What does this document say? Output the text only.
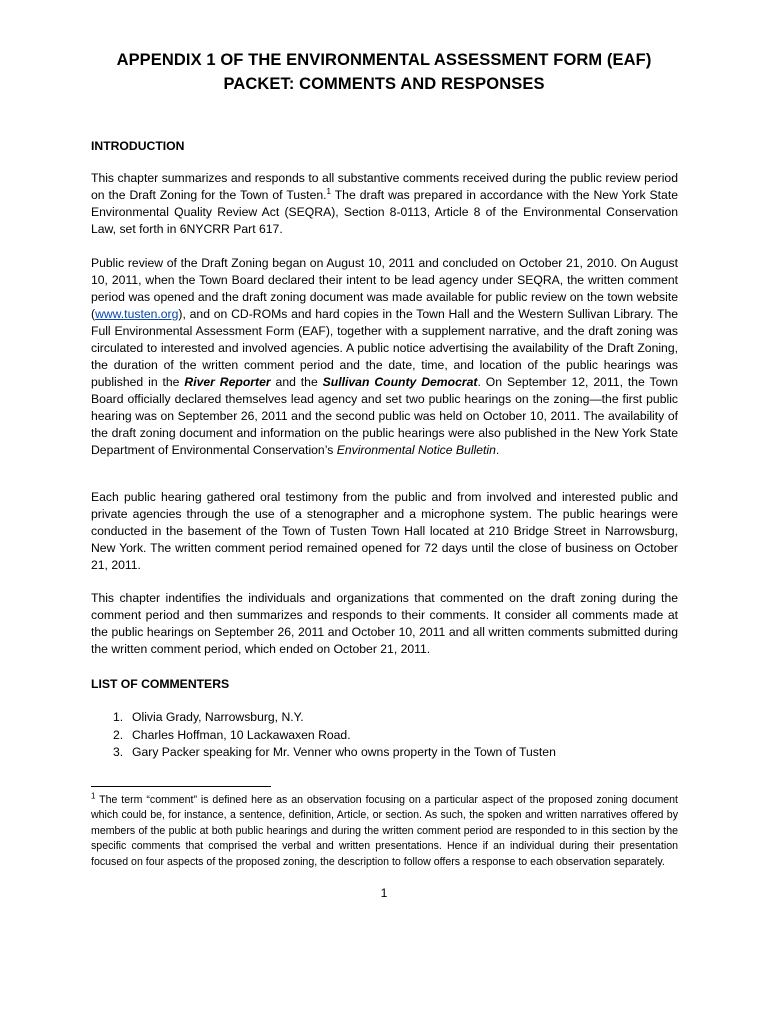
APPENDIX 1 OF THE ENVIRONMENTAL ASSESSMENT FORM (EAF)
PACKET: COMMENTS AND RESPONSES
INTRODUCTION

This chapter summarizes and responds to all substantive comments received during the public review period on the Draft Zoning for the Town of Tusten.$^1$ The draft was prepared in accordance with the New York State Environmental Quality Review Act (SEQRA), Section 8-0113, Article 8 of the Environmental Conservation Law, set forth in 6NYCRR Part 617.

Public review of the Draft Zoning began on August 10, 2011 and concluded on October 21, 2010. On August 10, 2011, when the Town Board declared their intent to be lead agency under SEQRA, the written comment period was opened and the draft zoning document was made available for public review on the town website (www.tusten.org), and on CD-ROMs and hard copies in the Town Hall and the Western Sullivan Library. The Full Environmental Assessment Form (EAF), together with a supplement narrative, and the draft zoning was circulated to interested and involved agencies. A public notice advertising the availability of the Draft Zoning, the duration of the written comment period and the date, time, and location of the public hearings was published in the River Reporter and the Sullivan County Democrat. On September 12, 2011, the Town Board officially declared themselves lead agency and set two public hearings on the zoning—the first public hearing was on September 26, 2011 and the second public was held on October 10, 2011. The availability of the draft zoning document and information on the public hearings were also published in the New York State Department of Environmental Conservation’s Environmental Notice Bulletin.

Each public hearing gathered oral testimony from the public and from involved and interested public and private agencies through the use of a stenographer and a microphone system. The public hearings were conducted in the basement of the Town of Tusten Town Hall located at 210 Bridge Street in Narrowsburg, New York. The written comment period remained opened for 72 days until the close of business on October 21, 2011.

This chapter indentifies the individuals and organizations that commented on the draft zoning during the comment period and then summarizes and responds to their comments. It consider all comments made at the public hearings on September 26, 2011 and October 10, 2011 and all written comments submitted during the written comment period, which ended on October 21, 2011.

LIST OF COMMENTERS
1. Olivia Grady, Narrowsburg, N.Y.
2. Charles Hoffman, 10 Lackawaxen Road.
3. Gary Packer speaking for Mr. Venner who owns property in the Town of Tusten

$^1$ The term “comment” is defined here as an observation focusing on a particular aspect of the proposed zoning document which could be, for instance, a sentence, definition, Article, or section. As such, the spoken and written narratives offered by members of the public at both public hearings and during the written comment period are responded to in this section by the specific comments that comprised the verbal and written presentations. Hence if an individual during their presentation focused on four aspects of the proposed zoning, the description to follow offers a response to each observation separately.

1
